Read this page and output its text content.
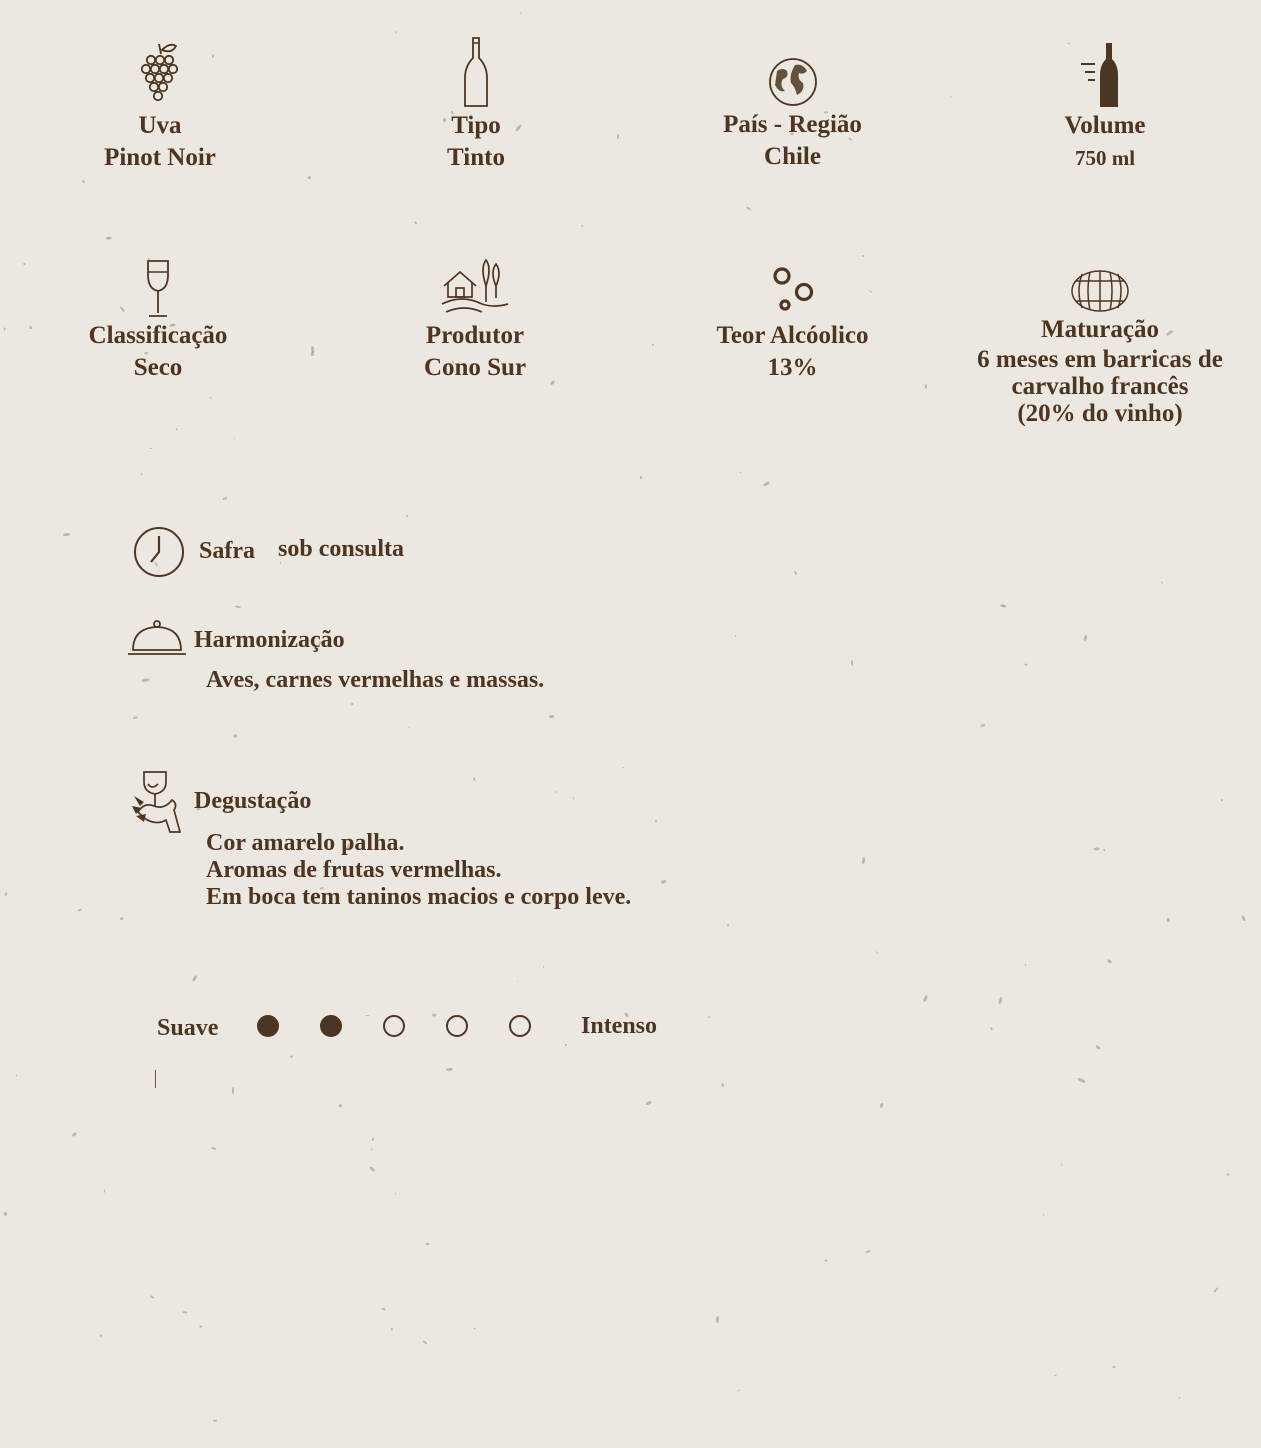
Uva
Pinot Noir
Tipo
Tinto
País - Região
Chile
Volume
750 ml
Classificação
Seco
Produtor
Cono Sur
Teor Alcóolico
13%
Maturação
6 meses em barricas de
carvalho francês
(20% do vinho)
Safra sob consulta
Harmonização
Aves, carnes vermelhas e massas.
Degustação
Cor amarelo palha.
Aromas de frutas vermelhas.
Em boca tem taninos macios e corpo leve.
Suave	Intenso
